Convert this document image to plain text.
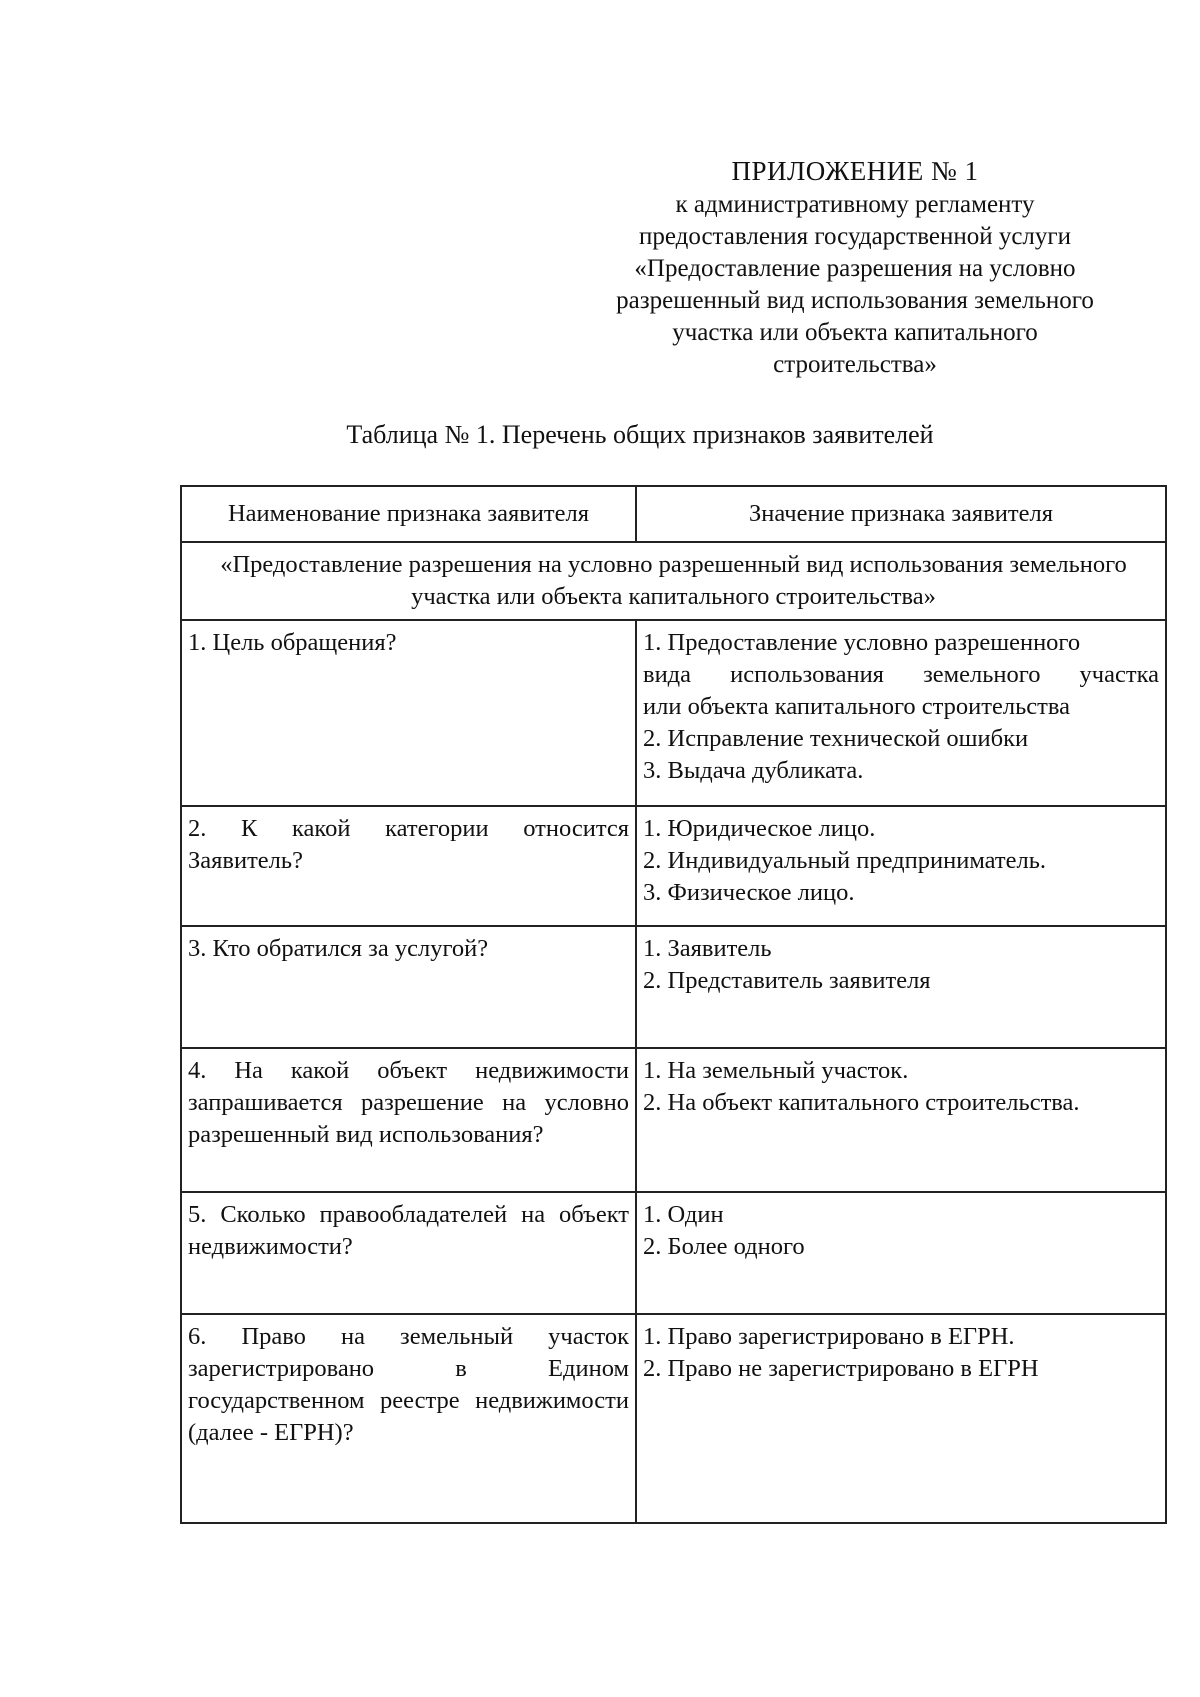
ПРИЛОЖЕНИЕ № 1
к административному регламенту
предоставления государственной услуги
«Предоставление разрешения на условно
разрешенный вид использования земельного
участка или объекта капитального
строительства»
Таблица № 1. Перечень общих признаков заявителей
Наименование признака заявителя	Значение признака заявителя
«Предоставление разрешения на условно разрешенный вид использования земельного участка или объекта капитального строительства»	
1. Цель обращения?	1. Предоставление условно разрешенного
вида использования земельного участка
или объекта капитального строительства
2. Исправление технической ошибки
3. Выдача дубликата.

2. К какой категории относится Заявитель?	1. Юридическое лицо.
2. Индивидуальный предприниматель.
3. Физическое лицо.

3. Кто обратился за услугой?	1. Заявитель
2. Представитель заявителя

4. На какой объект недвижимости запрашивается разрешение на условно разрешенный вид использования?	1. На земельный участок.
2. На объект капитального строительства.

5. Сколько правообладателей на объект недвижимости?	1. Один
2. Более одного

6. Право на земельный участок зарегистрировано в Едином государственном реестре недвижимости (далее - ЕГРН)?	1. Право зарегистрировано в ЕГРН.
2. Право не зарегистрировано в ЕГРН
